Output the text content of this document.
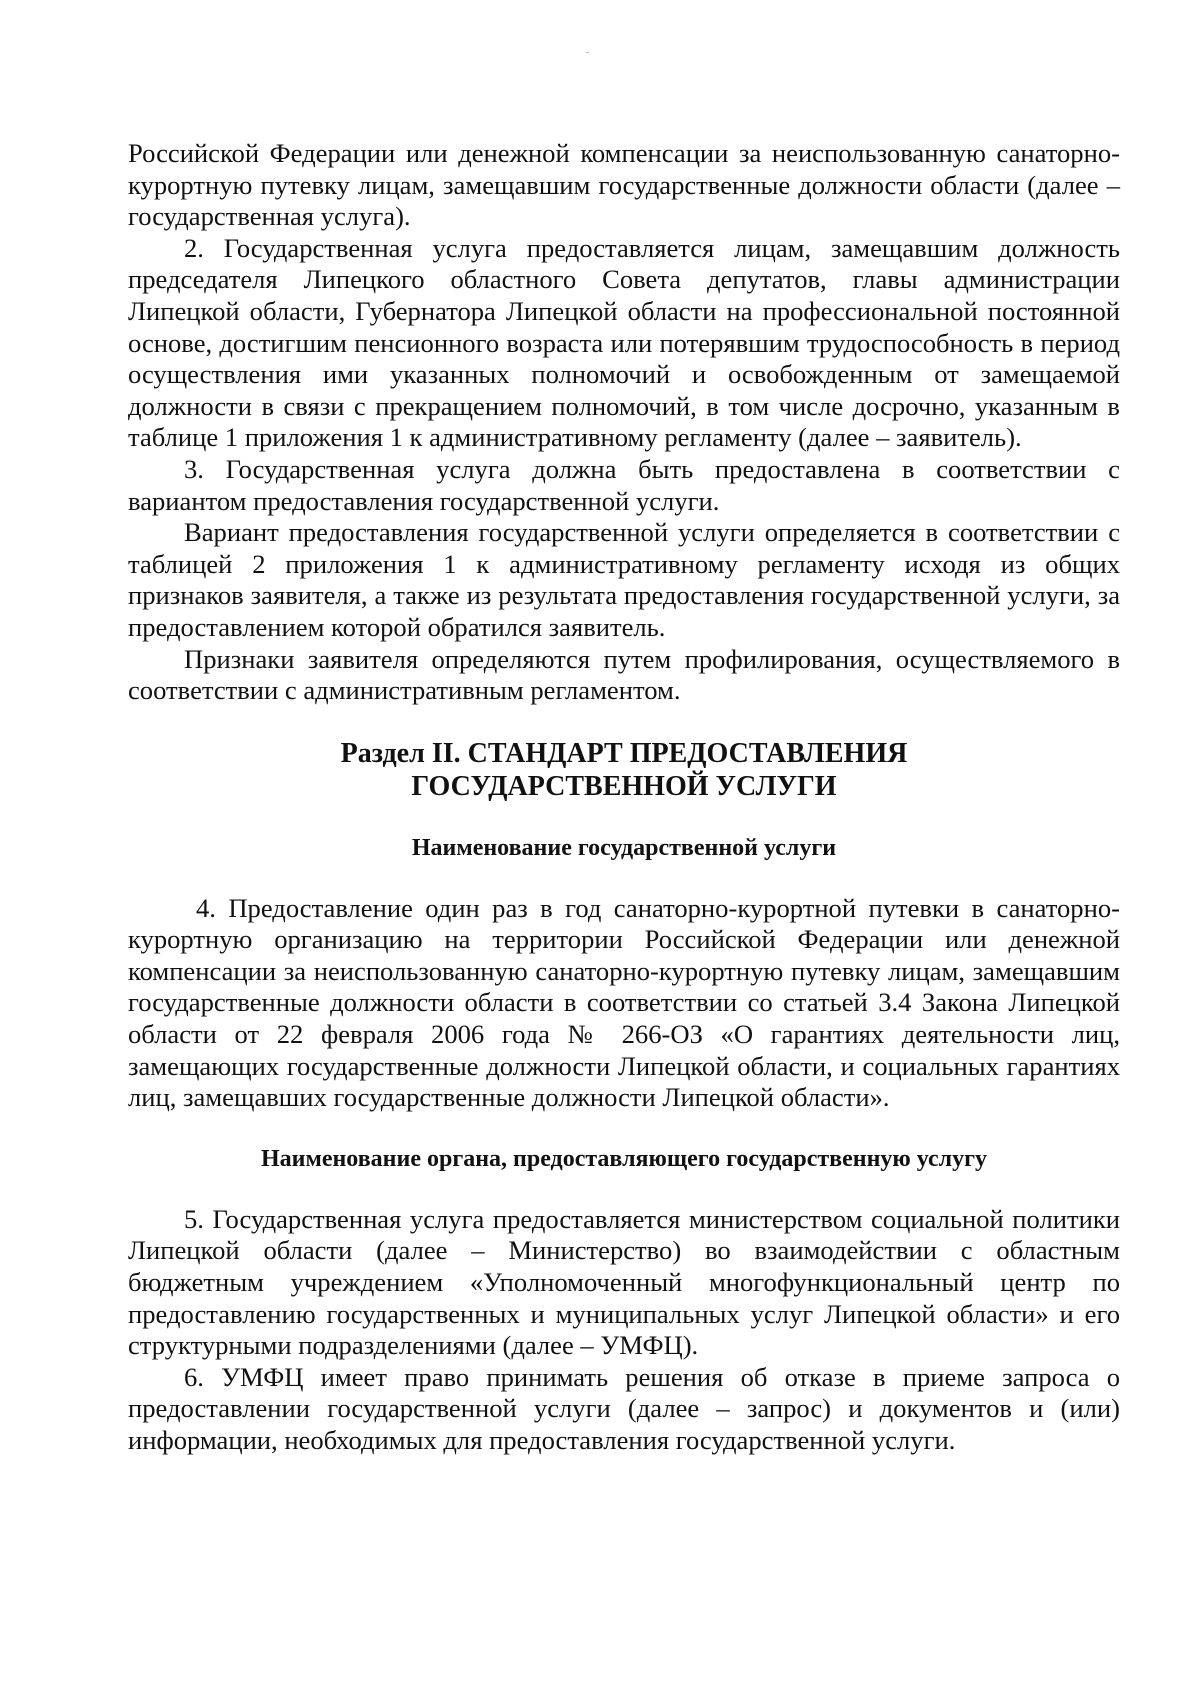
Российской Федерации или денежной компенсации за неиспользованную санаторно-курортную путевку лицам, замещавшим государственные должности области (далее – государственная услуга).

2. Государственная услуга предоставляется лицам, замещавшим должность председателя Липецкого областного Совета депутатов, главы администрации Липецкой области, Губернатора Липецкой области на профессиональной постоянной основе, достигшим пенсионного возраста или потерявшим трудоспособность в период осуществления ими указанных полномочий и освобожденным от замещаемой должности в связи с прекращением полномочий, в том числе досрочно, указанным в таблице 1 приложения 1 к административному регламенту (далее – заявитель).

3. Государственная услуга должна быть предоставлена в соответствии с вариантом предоставления государственной услуги.

Вариант предоставления государственной услуги определяется в соответствии с таблицей 2 приложения 1 к административному регламенту исходя из общих признаков заявителя, а также из результата предоставления государственной услуги, за предоставлением которой обратился заявитель.

Признаки заявителя определяются путем профилирования, осуществляемого в соответствии с административным регламентом.

Раздел II. СТАНДАРТ ПРЕДОСТАВЛЕНИЯ
ГОСУДАРСТВЕННОЙ УСЛУГИ

Наименование государственной услуги

4. Предоставление один раз в год санаторно-курортной путевки в санаторно-курортную организацию на территории Российской Федерации или денежной компенсации за неиспользованную санаторно-курортную путевку лицам, замещавшим государственные должности области в соответствии со статьей 3.4 Закона Липецкой области от 22 февраля 2006 года № 266-ОЗ «О гарантиях деятельности лиц, замещающих государственные должности Липецкой области, и социальных гарантиях лиц, замещавших государственные должности Липецкой области».

Наименование органа, предоставляющего государственную услугу

5. Государственная услуга предоставляется министерством социальной политики Липецкой области (далее – Министерство) во взаимодействии с областным бюджетным учреждением «Уполномоченный многофункциональный центр по предоставлению государственных и муниципальных услуг Липецкой области» и его структурными подразделениями (далее – УМФЦ).

6. УМФЦ имеет право принимать решения об отказе в приеме запроса о предоставлении государственной услуги (далее – запрос) и документов и (или) информации, необходимых для предоставления государственной услуги.
